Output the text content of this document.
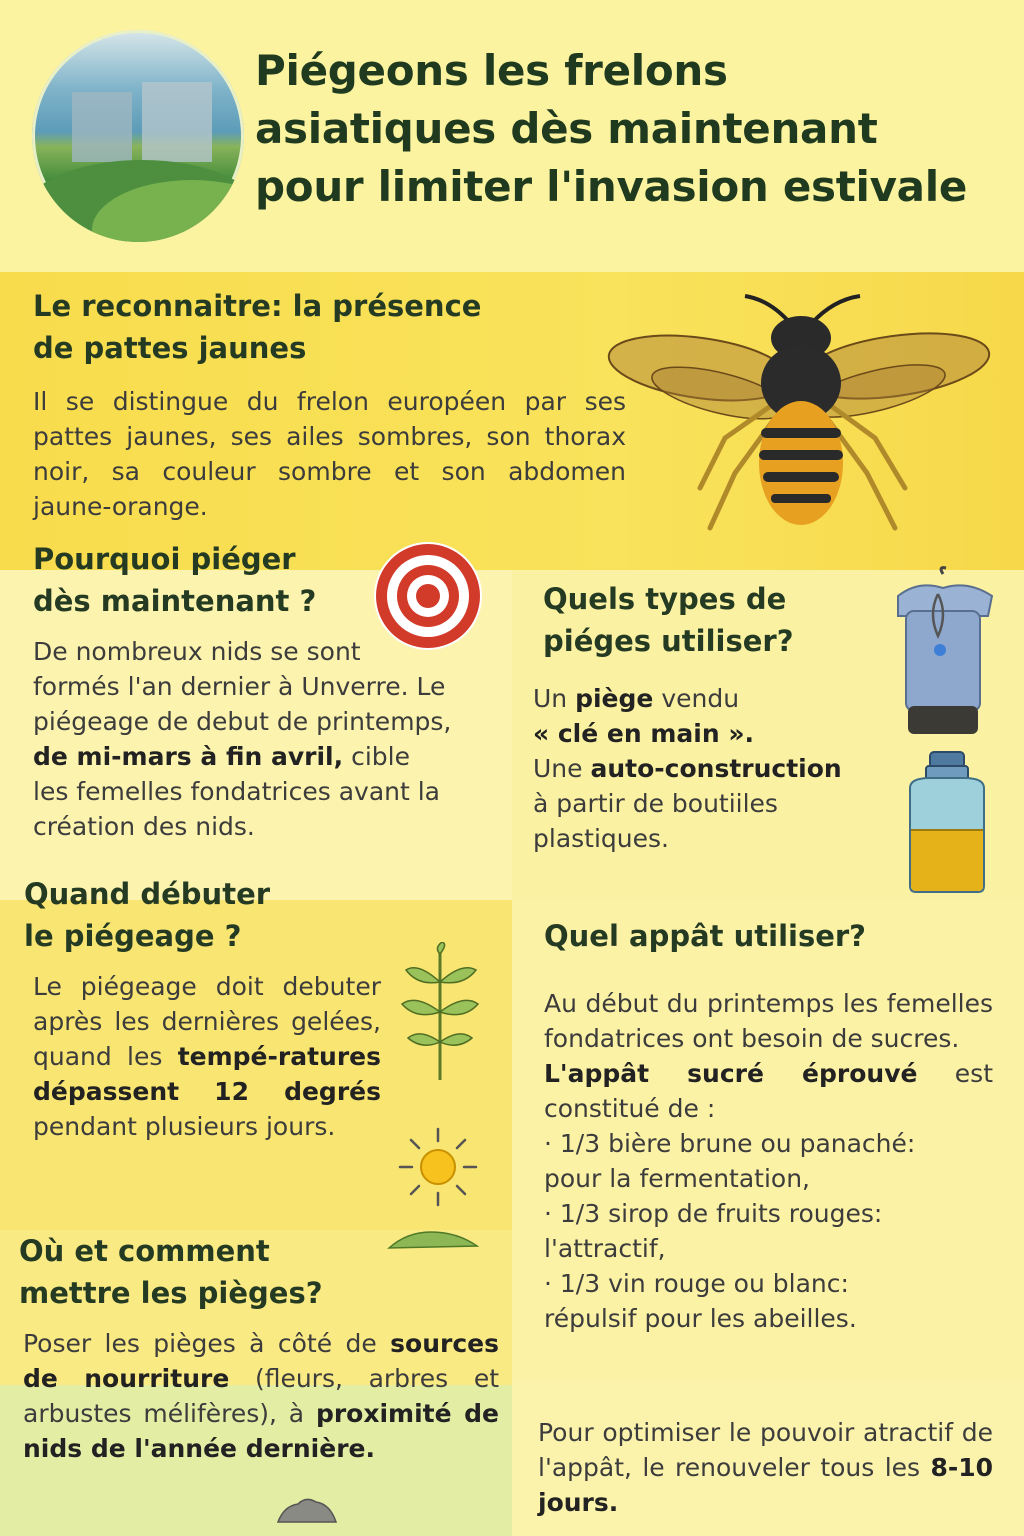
Piégeons les frelons
asiatiques dès maintenant
pour limiter l'invasion estivale
Le reconnaitre: la présence
de pattes jaunes
Il se distingue du frelon européen par ses pattes jaunes, ses ailes sombres, son thorax noir, sa couleur sombre et son abdomen jaune-orange.
Pourquoi piéger
dès maintenant ?
De nombreux nids se sont formés l'an dernier à Unverre. Le piégeage de debut de printemps, de mi-mars à fin avril, cible les femelles fondatrices avant la création des nids.
Quels types de
piéges utiliser?
Un piège vendu
« clé en main ».
Une auto-construction
à partir de boutiiles
plastiques.
Quand débuter
le piégeage ?
Le piégeage doit debuter après les dernières gelées, quand les tempé-ratures dépassent 12 degrés pendant plusieurs jours.
Quel appât utiliser?
Au début du printemps les femelles fondatrices ont besoin de sucres.
L'appât sucré éprouvé est constitué de :
· 1/3 bière brune ou panaché:
pour la fermentation,
· 1/3 sirop de fruits rouges:
l'attractif,
· 1/3 vin rouge ou blanc:
répulsif pour les abeilles.
Pour optimiser le pouvoir atractif de l'appât, le renouveler tous les 8-10 jours.
Où et comment
mettre les pièges?
Poser les pièges à côté de sources de nourriture (fleurs, arbres et arbustes mélifères), à proximité de nids de l'année dernière.
